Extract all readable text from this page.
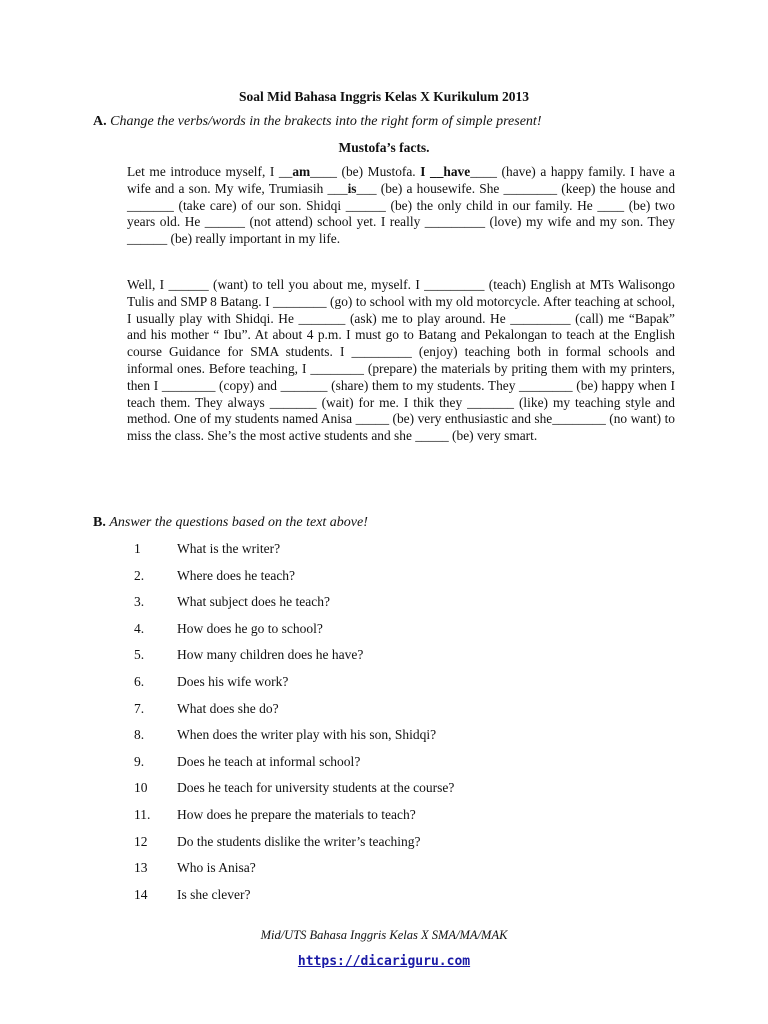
Soal Mid Bahasa Inggris Kelas X Kurikulum 2013
A. Change the verbs/words in the brakects into the right form of simple present!
Mustofa’s facts.
Let me introduce myself, I __am____ (be) Mustofa. I __have____ (have) a happy family. I have a wife and a son. My wife, Trumiasih ___is___ (be) a housewife. She ________ (keep) the house and _______ (take care) of our son. Shidqi ______ (be) the only child in our family. He ____ (be) two years old. He ______ (not attend) school yet. I really _________ (love) my wife and my son. They ______ (be) really important in my life.
Well, I ______ (want) to tell you about me, myself. I _________ (teach) English at MTs Walisongo Tulis and SMP 8 Batang. I ________ (go) to school with my old motorcycle. After teaching at school, I usually play with Shidqi. He _______ (ask) me to play around. He _________ (call) me “Bapak” and his mother “ Ibu”. At about 4 p.m. I must go to Batang and Pekalongan to teach at the English course Guidance for SMA students. I _________ (enjoy) teaching both in formal schools and informal ones. Before teaching, I ________ (prepare) the materials by priting them with my printers, then I ________ (copy) and _______ (share) them to my students. They ________ (be) happy when I teach them. They always _______ (wait) for me. I thik they _______ (like) my teaching style and method. One of my students named Anisa _____ (be) very enthusiastic and she________ (no want) to miss the class. She’s the most active students and she _____ (be) very smart.
B. Answer the questions based on the text above!
1	What is the writer?
2. Where does he teach?
3. What subject does he teach?
4. How does he go to school?
5. How many children does he have?
6. Does his wife work?
7. What does she do?
8. When does the writer play with his son, Shidqi?
9. Does he teach at informal school?
10 Does he teach for university students at the course?
11. How does he prepare the materials to teach?
12 Do the students dislike the writer’s teaching?
13 Who is Anisa?
14 Is she clever?
Mid/UTS Bahasa Inggris Kelas X SMA/MA/MAK
https://dicariguru.com
